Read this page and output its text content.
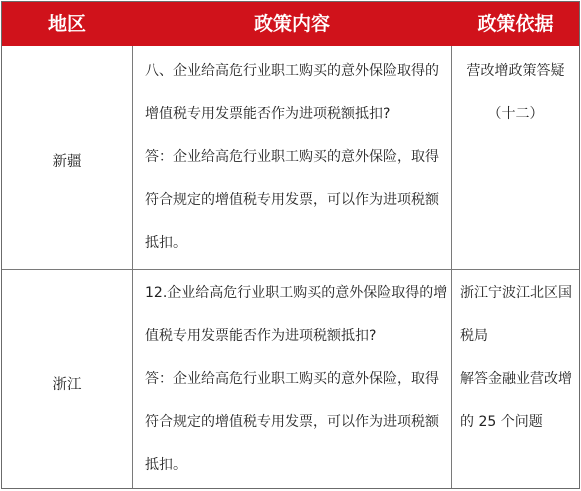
地区	政策内容	政策依据
新疆

八、企业给高危行业职工购买的意外保险取得的

增值税专用发票能否作为进项税额抵扣?

答：企业给高危行业职工购买的意外保险，取得

符合规定的增值税专用发票，可以作为进项税额

抵扣。

营改增政策答疑

（十二）

浙江

12.企业给高危行业职工购买的意外保险取得的增

值税专用发票能否作为进项税额抵扣?

答：企业给高危行业职工购买的意外保险，取得

符合规定的增值税专用发票，可以作为进项税额

抵扣。

浙江宁波江北区国

税局

解答金融业营改增

的 25 个问题
